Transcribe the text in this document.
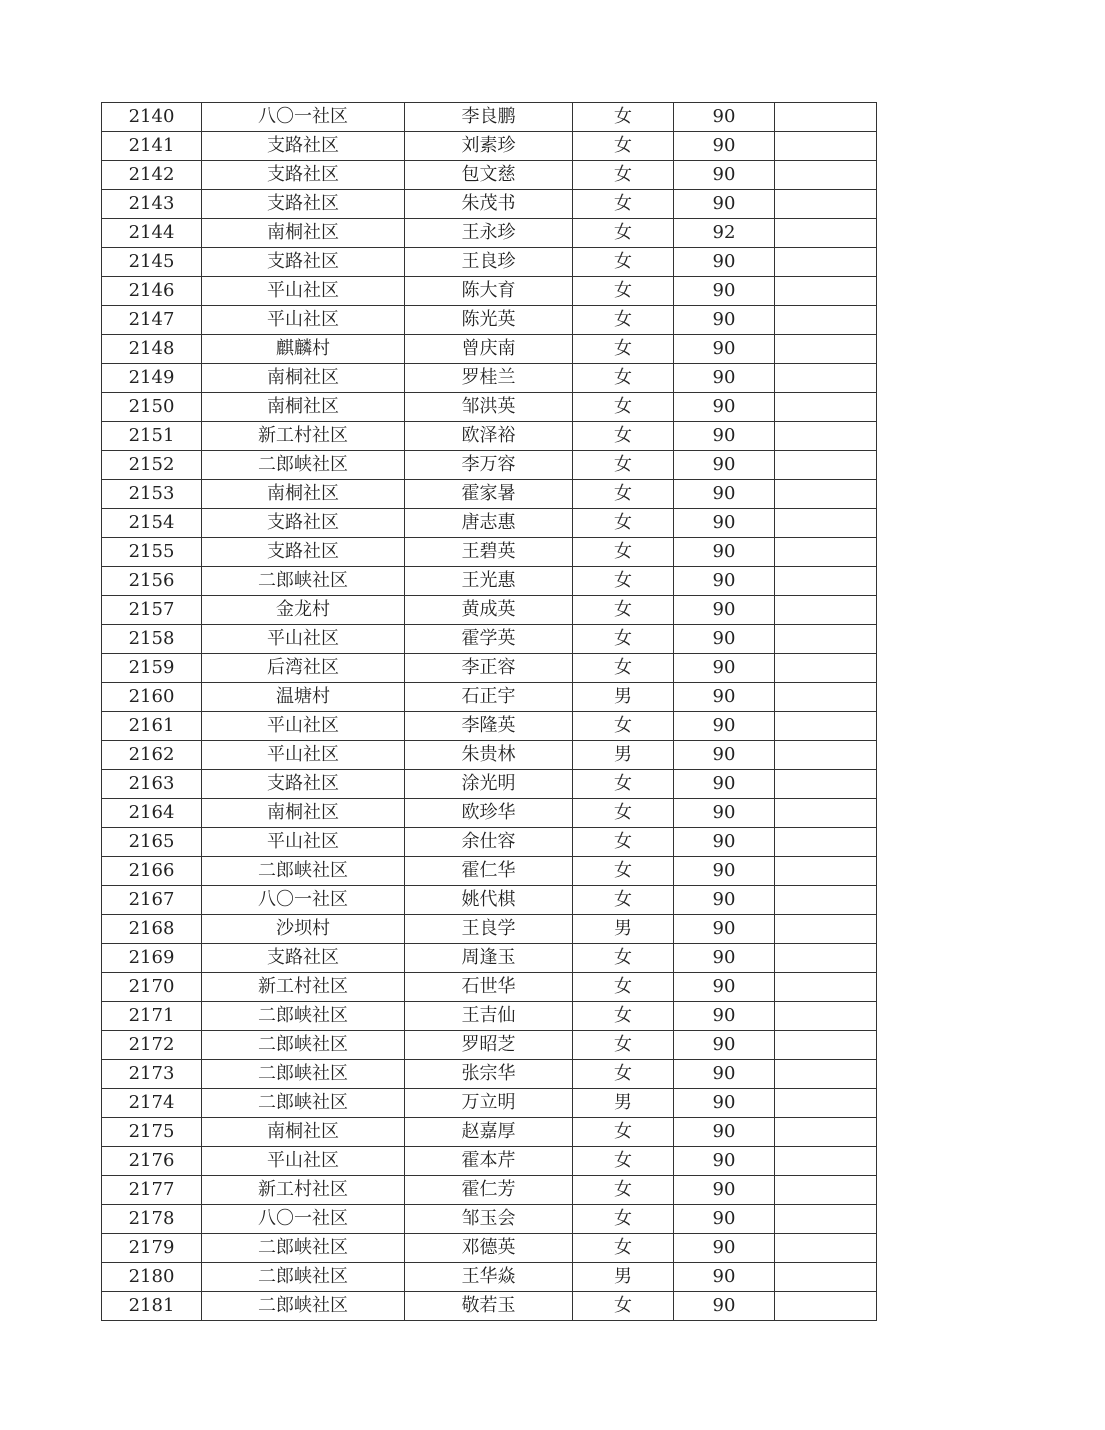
2140	八〇一社区	李良鹏	女	90	
2141	支路社区	刘素珍	女	90	
2142	支路社区	包文慈	女	90	
2143	支路社区	朱茂书	女	90	
2144	南桐社区	王永珍	女	92	
2145	支路社区	王良珍	女	90	
2146	平山社区	陈大育	女	90	
2147	平山社区	陈光英	女	90	
2148	麒麟村	曾庆南	女	90	
2149	南桐社区	罗桂兰	女	90	
2150	南桐社区	邹洪英	女	90	
2151	新工村社区	欧泽裕	女	90	
2152	二郎峡社区	李万容	女	90	
2153	南桐社区	霍家暑	女	90	
2154	支路社区	唐志惠	女	90	
2155	支路社区	王碧英	女	90	
2156	二郎峡社区	王光惠	女	90	
2157	金龙村	黄成英	女	90	
2158	平山社区	霍学英	女	90	
2159	后湾社区	李正容	女	90	
2160	温塘村	石正宇	男	90	
2161	平山社区	李隆英	女	90	
2162	平山社区	朱贵林	男	90	
2163	支路社区	涂光明	女	90	
2164	南桐社区	欧珍华	女	90	
2165	平山社区	余仕容	女	90	
2166	二郎峡社区	霍仁华	女	90	
2167	八〇一社区	姚代棋	女	90	
2168	沙坝村	王良学	男	90	
2169	支路社区	周逢玉	女	90	
2170	新工村社区	石世华	女	90	
2171	二郎峡社区	王吉仙	女	90	
2172	二郎峡社区	罗昭芝	女	90	
2173	二郎峡社区	张宗华	女	90	
2174	二郎峡社区	万立明	男	90	
2175	南桐社区	赵嘉厚	女	90	
2176	平山社区	霍本芹	女	90	
2177	新工村社区	霍仁芳	女	90	
2178	八〇一社区	邹玉会	女	90	
2179	二郎峡社区	邓德英	女	90	
2180	二郎峡社区	王华焱	男	90	
2181	二郎峡社区	敬若玉	女	90	
